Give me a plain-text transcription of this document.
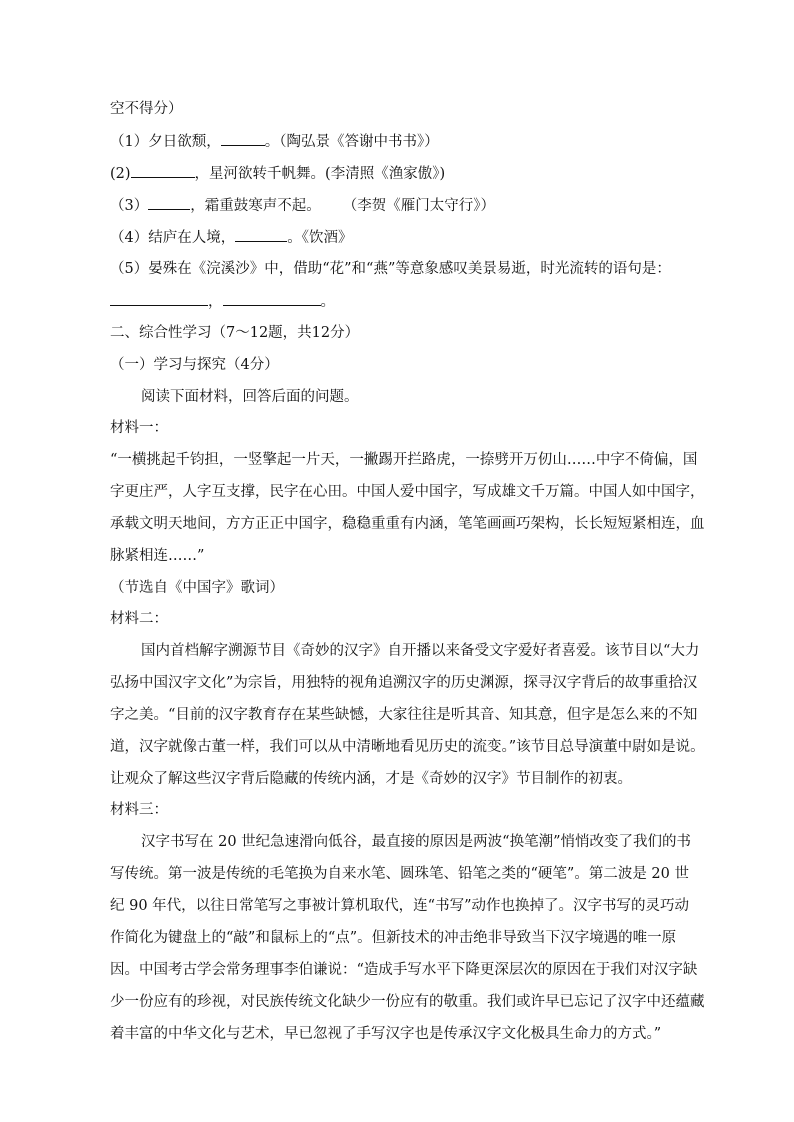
空不得分）

（1）夕日欲颓，	。（陶弘景《答谢中书书》）

(2)	，星河欲转千帆舞。(李清照《渔家傲》)

（3）	，霜重鼓寒声不起。 （李贺《雁门太守行》）

（4）结庐在人境，	。《饮酒》

（5）晏殊在《浣溪沙》中，借助“花”和“燕”等意象感叹美景易逝，时光流转的语句是：

，	。

二、综合性学习（7～12题，共12分）

（一）学习与探究（4分）

阅读下面材料，回答后面的问题。

材料一：

“一横挑起千钧担，一竖擎起一片天，一撇踢开拦路虎，一捺劈开万仞山……中字不倚偏，国

字更庄严，人字互支撑，民字在心田。中国人爱中国字，写成雄文千万篇。中国人如中国字，

承载文明天地间，方方正正中国字，稳稳重重有内涵，笔笔画画巧架构，长长短短紧相连，血

脉紧相连……”

（节选自《中国字》歌词）

材料二：

国内首档解字溯源节目《奇妙的汉字》自开播以来备受文字爱好者喜爱。该节目以“大力

弘扬中国汉字文化”为宗旨，用独特的视角追溯汉字的历史渊源，探寻汉字背后的故事重拾汉

字之美。“目前的汉字教育存在某些缺憾，大家往往是听其音、知其意，但字是怎么来的不知

道，汉字就像古董一样，我们可以从中清晰地看见历史的流变。”该节目总导演董中尉如是说。

让观众了解这些汉字背后隐藏的传统内涵，才是《奇妙的汉字》节目制作的初衷。

材料三：

汉字书写在 20 世纪急速滑向低谷，最直接的原因是两波“换笔潮”悄悄改变了我们的书

写传统。第一波是传统的毛笔换为自来水笔、圆珠笔、铅笔之类的“硬笔”。第二波是 20 世

纪 90 年代，以往日常笔写之事被计算机取代，连“书写”动作也换掉了。汉字书写的灵巧动

作简化为键盘上的“敲”和鼠标上的“点”。但新技术的冲击绝非导致当下汉字境遇的唯一原

因。中国考古学会常务理事李伯谦说：“造成手写水平下降更深层次的原因在于我们对汉字缺

少一份应有的珍视，对民族传统文化缺少一份应有的敬重。我们或许早已忘记了汉字中还蕴藏

着丰富的中华文化与艺术，早已忽视了手写汉字也是传承汉字文化极具生命力的方式。”
